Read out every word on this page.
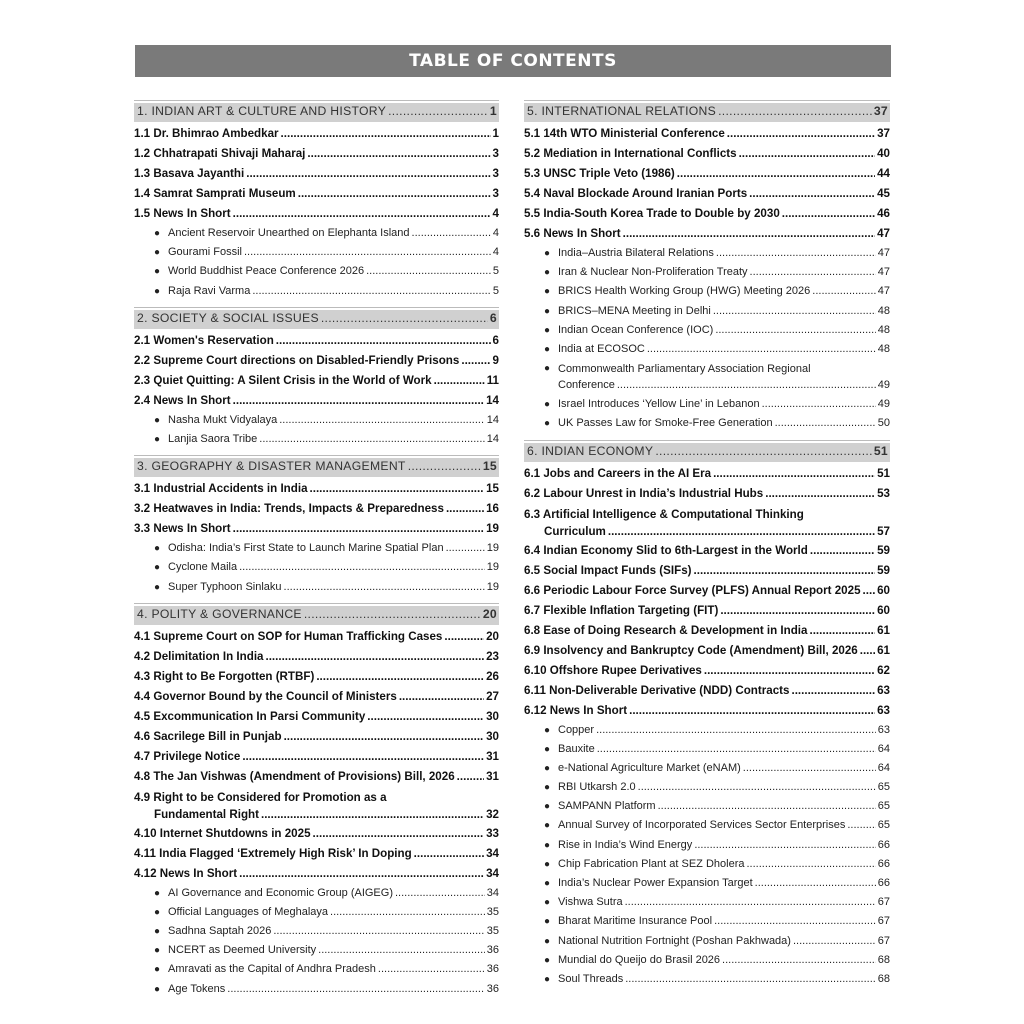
TABLE OF CONTENTS
1. INDIAN ART & CULTURE AND HISTORY .....	1
1.1 Dr. Bhimrao Ambedkar .....	1
1.2 Chhatrapati Shivaji Maharaj .....	3
1.3 Basava Jayanthi .....	3
1.4 Samrat Samprati Museum .....	3
1.5 News In Short .....	4
● Ancient Reservoir Unearthed on Elephanta Island .....	4
● Gourami Fossil .....	4
● World Buddhist Peace Conference 2026 .....	5
● Raja Ravi Varma .....	5
2. SOCIETY & SOCIAL ISSUES .....	6
2.1 Women's Reservation .....	6
2.2 Supreme Court directions on Disabled-Friendly Prisons .....	9
2.3 Quiet Quitting: A Silent Crisis in the World of Work .....	11
2.4 News In Short .....	14
● Nasha Mukt Vidyalaya .....	14
● Lanjia Saora Tribe .....	14
3. GEOGRAPHY & DISASTER MANAGEMENT .....	15
3.1 Industrial Accidents in India .....	15
3.2 Heatwaves in India: Trends, Impacts & Preparedness .....	16
3.3 News In Short .....	19
● Odisha: India’s First State to Launch Marine Spatial Plan .....	19
● Cyclone Maila .....	19
● Super Typhoon Sinlaku .....	19
4. POLITY & GOVERNANCE .....	20
4.1 Supreme Court on SOP for Human Trafficking Cases .....	20
4.2 Delimitation In India .....	23
4.3 Right to Be Forgotten (RTBF) .....	26
4.4 Governor Bound by the Council of Ministers .....	27
4.5 Excommunication In Parsi Community .....	30
4.6 Sacrilege Bill in Punjab .....	30
4.7 Privilege Notice .....	31
4.8 The Jan Vishwas (Amendment of Provisions) Bill, 2026 .....	31
4.9 Right to be Considered for Promotion as a
Fundamental Right .....	32
4.10 Internet Shutdowns in 2025 .....	33
4.11 India Flagged ‘Extremely High Risk’ In Doping .....	34
4.12 News In Short .....	34
● AI Governance and Economic Group (AIGEG) .....	34
● Official Languages of Meghalaya .....	35
● Sadhna Saptah 2026 .....	35
● NCERT as Deemed University .....	36
● Amravati as the Capital of Andhra Pradesh .....	36
● Age Tokens .....	36
5. INTERNATIONAL RELATIONS .....	37
5.1 14th WTO Ministerial Conference .....	37
5.2 Mediation in International Conflicts .....	40
5.3 UNSC Triple Veto (1986) .....	44
5.4 Naval Blockade Around Iranian Ports .....	45
5.5 India-South Korea Trade to Double by 2030 .....	46
5.6 News In Short .....	47
● India–Austria Bilateral Relations .....	47
● Iran & Nuclear Non-Proliferation Treaty .....	47
● BRICS Health Working Group (HWG) Meeting 2026 .....	47
● BRICS–MENA Meeting in Delhi .....	48
● Indian Ocean Conference (IOC) .....	48
● India at ECOSOC .....	48
● Commonwealth Parliamentary Association Regional
Conference .....	49
● Israel Introduces ‘Yellow Line’ in Lebanon .....	49
● UK Passes Law for Smoke-Free Generation .....	50
6. INDIAN ECONOMY .....	51
6.1 Jobs and Careers in the AI Era .....	51
6.2 Labour Unrest in India’s Industrial Hubs .....	53
6.3 Artificial Intelligence & Computational Thinking
Curriculum .....	57
6.4 Indian Economy Slid to 6th-Largest in the World .....	59
6.5 Social Impact Funds (SIFs) .....	59
6.6 Periodic Labour Force Survey (PLFS) Annual Report 2025 ..... 60
6.7 Flexible Inflation Targeting (FIT) .....	60
6.8 Ease of Doing Research & Development in India .....	61
6.9 Insolvency and Bankruptcy Code (Amendment) Bill, 2026 ..... 61
6.10 Offshore Rupee Derivatives .....	62
6.11 Non-Deliverable Derivative (NDD) Contracts .....	63
6.12 News In Short .....	63
● Copper .....	63
● Bauxite .....	64
● e-National Agriculture Market (eNAM) .....	64
● RBI Utkarsh 2.0 .....	65
● SAMPANN Platform .....	65
● Annual Survey of Incorporated Services Sector Enterprises .....	65
● Rise in India’s Wind Energy .....	66
● Chip Fabrication Plant at SEZ Dholera .....	66
● India’s Nuclear Power Expansion Target .....	66
● Vishwa Sutra .....	67
● Bharat Maritime Insurance Pool .....	67
● National Nutrition Fortnight (Poshan Pakhwada) .....	67
● Mundial do Queijo do Brasil 2026 .....	68
● Soul Threads .....	68
